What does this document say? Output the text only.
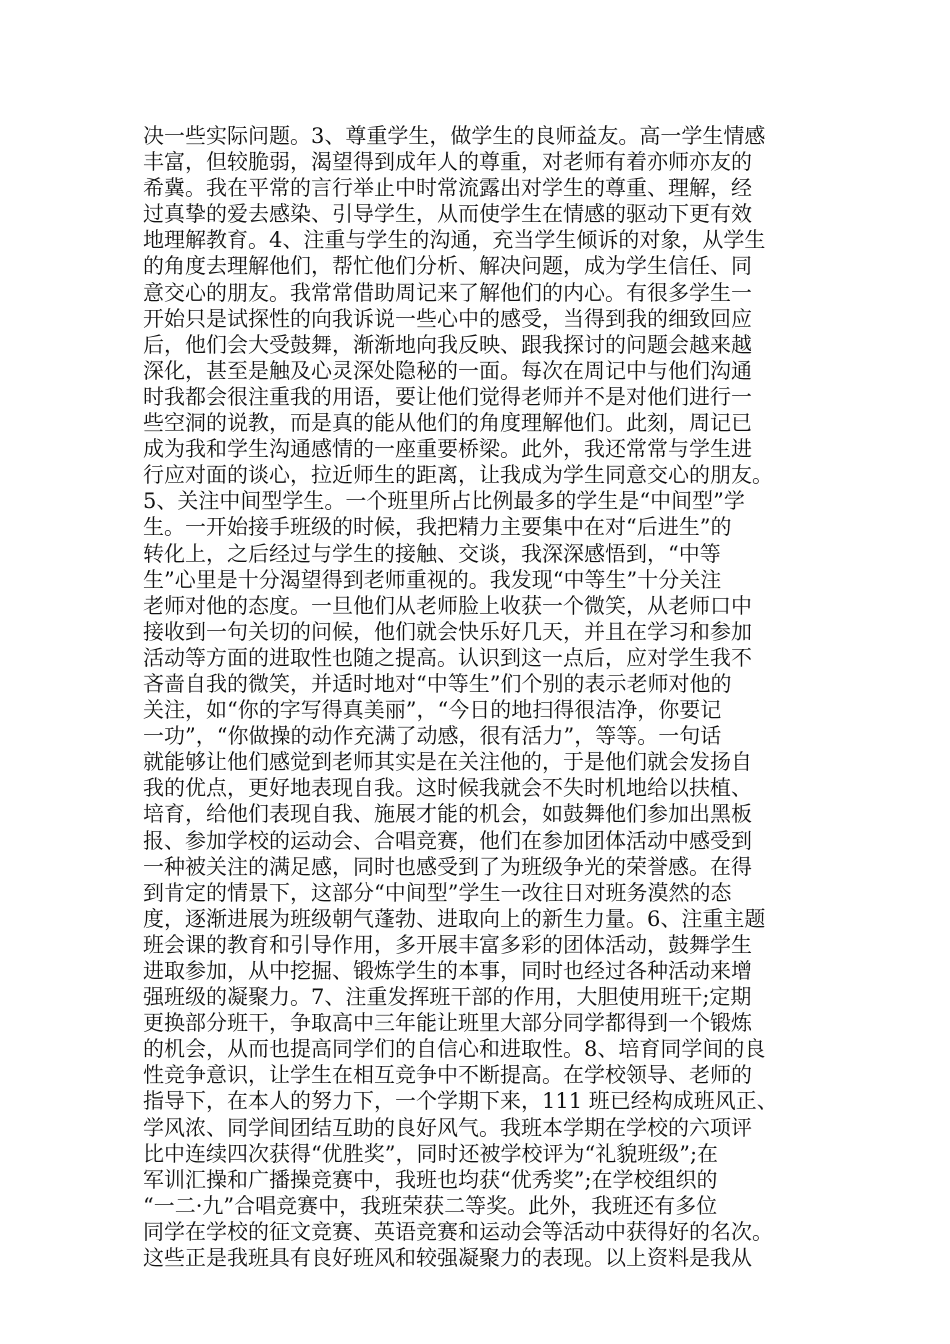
决一些实际问题。3、尊重学生，做学生的良师益友。高一学生情感
丰富，但较脆弱，渴望得到成年人的尊重，对老师有着亦师亦友的
希冀。我在平常的言行举止中时常流露出对学生的尊重、理解，经
过真挚的爱去感染、引导学生，从而使学生在情感的驱动下更有效
地理解教育。4、注重与学生的沟通，充当学生倾诉的对象，从学生
的角度去理解他们，帮忙他们分析、解决问题，成为学生信任、同
意交心的朋友。我常常借助周记来了解他们的内心。有很多学生一
开始只是试探性的向我诉说一些心中的感受，当得到我的细致回应
后，他们会大受鼓舞，渐渐地向我反映、跟我探讨的问题会越来越
深化，甚至是触及心灵深处隐秘的一面。每次在周记中与他们沟通
时我都会很注重我的用语，要让他们觉得老师并不是对他们进行一
些空洞的说教，而是真的能从他们的角度理解他们。此刻，周记已
成为我和学生沟通感情的一座重要桥梁。此外，我还常常与学生进
行应对面的谈心，拉近师生的距离，让我成为学生同意交心的朋友。
5、关注中间型学生。一个班里所占比例最多的学生是“中间型”学
生。一开始接手班级的时候，我把精力主要集中在对“后进生”的
转化上，之后经过与学生的接触、交谈，我深深感悟到，“中等
生”心里是十分渴望得到老师重视的。我发现“中等生”十分关注
老师对他的态度。一旦他们从老师脸上收获一个微笑，从老师口中
接收到一句关切的问候，他们就会快乐好几天，并且在学习和参加
活动等方面的进取性也随之提高。认识到这一点后，应对学生我不
吝啬自我的微笑，并适时地对“中等生”们个别的表示老师对他的
关注，如“你的字写得真美丽”，“今日的地扫得很洁净，你要记
一功”，“你做操的动作充满了动感，很有活力”，等等。一句话
就能够让他们感觉到老师其实是在关注他的，于是他们就会发扬自
我的优点，更好地表现自我。这时候我就会不失时机地给以扶植、
培育，给他们表现自我、施展才能的机会，如鼓舞他们参加出黑板
报、参加学校的运动会、合唱竞赛，他们在参加团体活动中感受到
一种被关注的满足感，同时也感受到了为班级争光的荣誉感。在得
到肯定的情景下，这部分“中间型”学生一改往日对班务漠然的态
度，逐渐进展为班级朝气蓬勃、进取向上的新生力量。6、注重主题
班会课的教育和引导作用，多开展丰富多彩的团体活动，鼓舞学生
进取参加，从中挖掘、锻炼学生的本事，同时也经过各种活动来增
强班级的凝聚力。7、注重发挥班干部的作用，大胆使用班干;定期
更换部分班干，争取高中三年能让班里大部分同学都得到一个锻炼
的机会，从而也提高同学们的自信心和进取性。8、培育同学间的良
性竞争意识，让学生在相互竞争中不断提高。在学校领导、老师的
指导下，在本人的努力下，一个学期下来，111 班已经构成班风正、
学风浓、同学间团结互助的良好风气。我班本学期在学校的六项评
比中连续四次获得“优胜奖”，同时还被学校评为“礼貌班级”;在
军训汇操和广播操竞赛中，我班也均获“优秀奖”;在学校组织的
“一二·九”合唱竞赛中，我班荣获二等奖。此外，我班还有多位
同学在学校的征文竞赛、英语竞赛和运动会等活动中获得好的名次。
这些正是我班具有良好班风和较强凝聚力的表现。以上资料是我从
